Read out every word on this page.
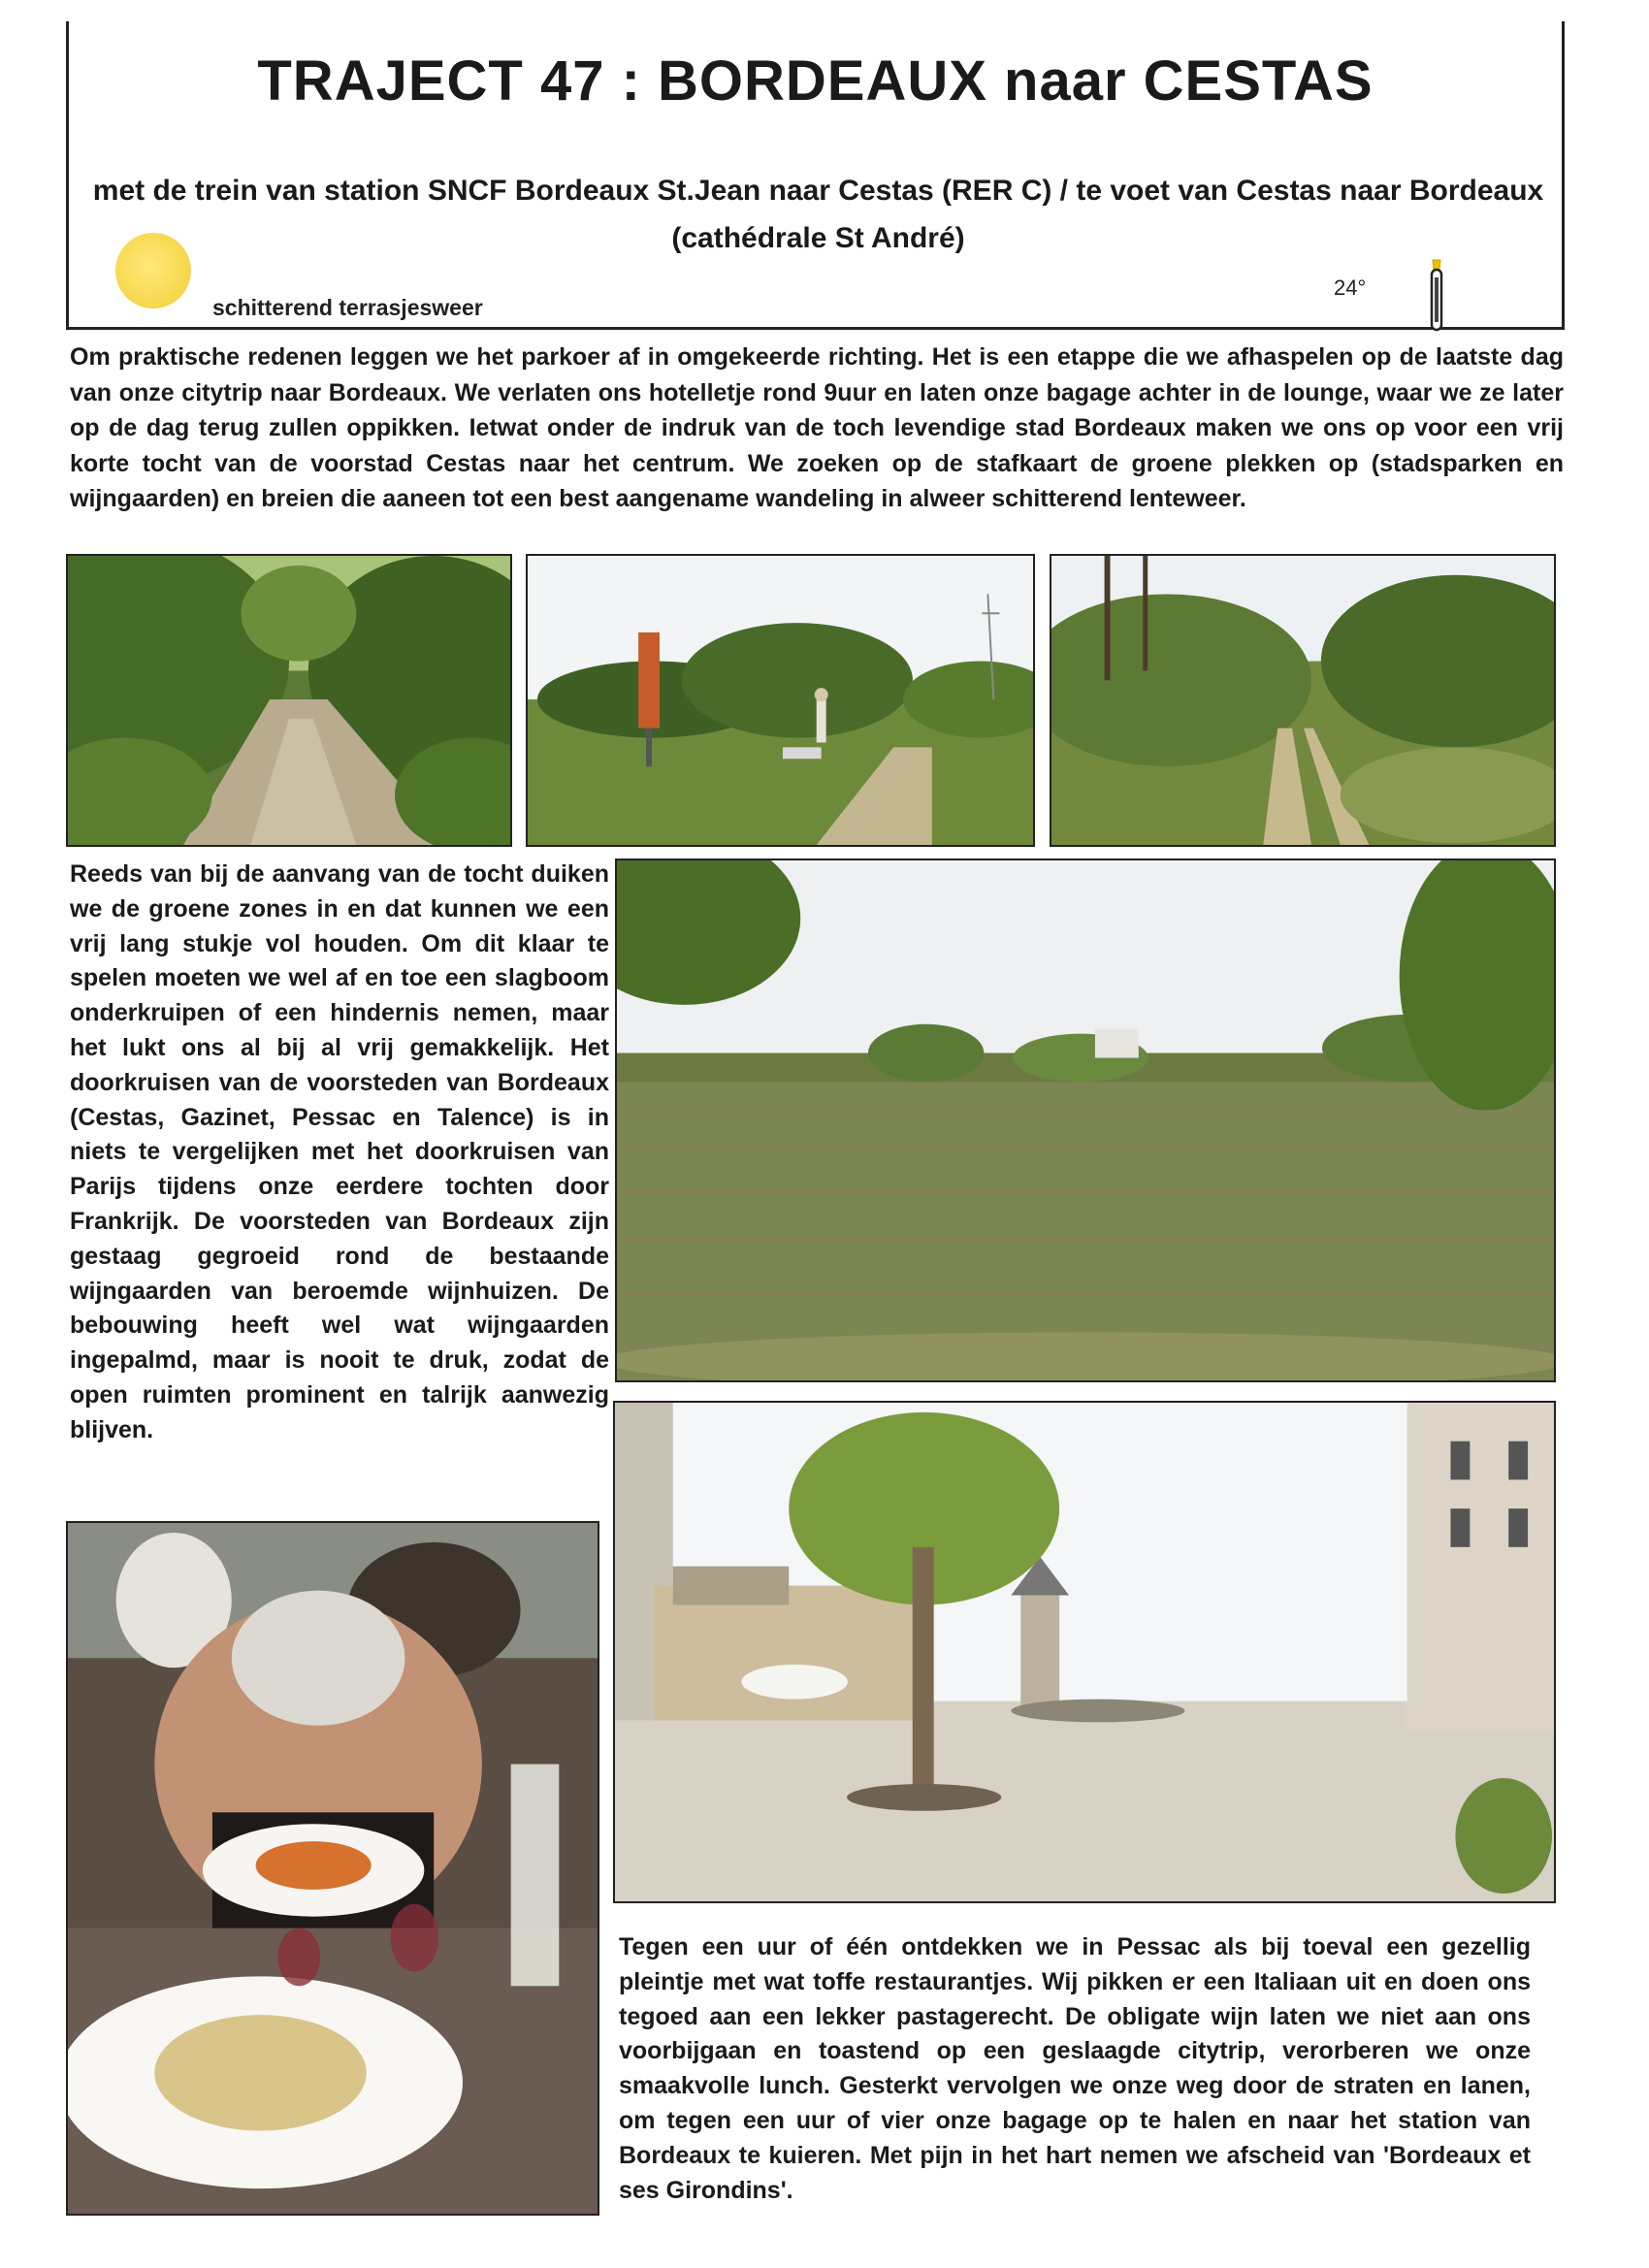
TRAJECT 47 : BORDEAUX naar CESTAS
met de trein van station SNCF Bordeaux St.Jean naar Cestas (RER C) / te voet van Cestas naar Bordeaux (cathédrale St André)
schitterend terrasjesweer
24°
Om praktische redenen leggen we het parkoer af in omgekeerde richting. Het is een etappe die we afhaspelen op de laatste dag van onze citytrip naar Bordeaux. We verlaten ons hotelletje rond 9uur en laten onze bagage achter in de lounge, waar we ze later op de dag terug zullen oppikken. Ietwat onder de indruk van de toch levendige stad Bordeaux maken we ons op voor een vrij korte tocht van de voorstad Cestas naar het centrum. We zoeken op de stafkaart de groene plekken op (stadsparken en wijngaarden) en breien die aaneen tot een best aangename wandeling in alweer schitterend lenteweer.
Reeds van bij de aanvang van de tocht duiken we de groene zones in en dat kunnen we een vrij lang stukje vol houden. Om dit klaar te spelen moeten we wel af en toe een slagboom onderkruipen of een hindernis nemen, maar het lukt ons al bij al vrij gemakkelijk. Het doorkruisen van de voorsteden van Bordeaux (Cestas, Gazinet, Pessac en Talence) is in niets te vergelijken met het doorkruisen van Parijs tijdens onze eerdere tochten door Frankrijk. De voorsteden van Bordeaux zijn gestaag gegroeid rond de bestaande wijngaarden van beroemde wijnhuizen. De bebouwing heeft wel wat wijngaarden ingepalmd, maar is nooit te druk, zodat de open ruimten prominent en talrijk aanwezig blijven.
Tegen een uur of één ontdekken we in Pessac als bij toeval een gezellig pleintje met wat toffe restaurantjes. Wij pikken er een Italiaan uit en doen ons tegoed aan een lekker pastagerecht. De obligate wijn laten we niet aan ons voorbijgaan en toastend op een geslaagde citytrip, verorberen we onze smaakvolle lunch. Gesterkt vervolgen we onze weg door de straten en lanen, om tegen een uur of vier onze bagage op te halen en naar het station van Bordeaux te kuieren. Met pijn in het hart nemen we afscheid van 'Bordeaux et ses Girondins'.
